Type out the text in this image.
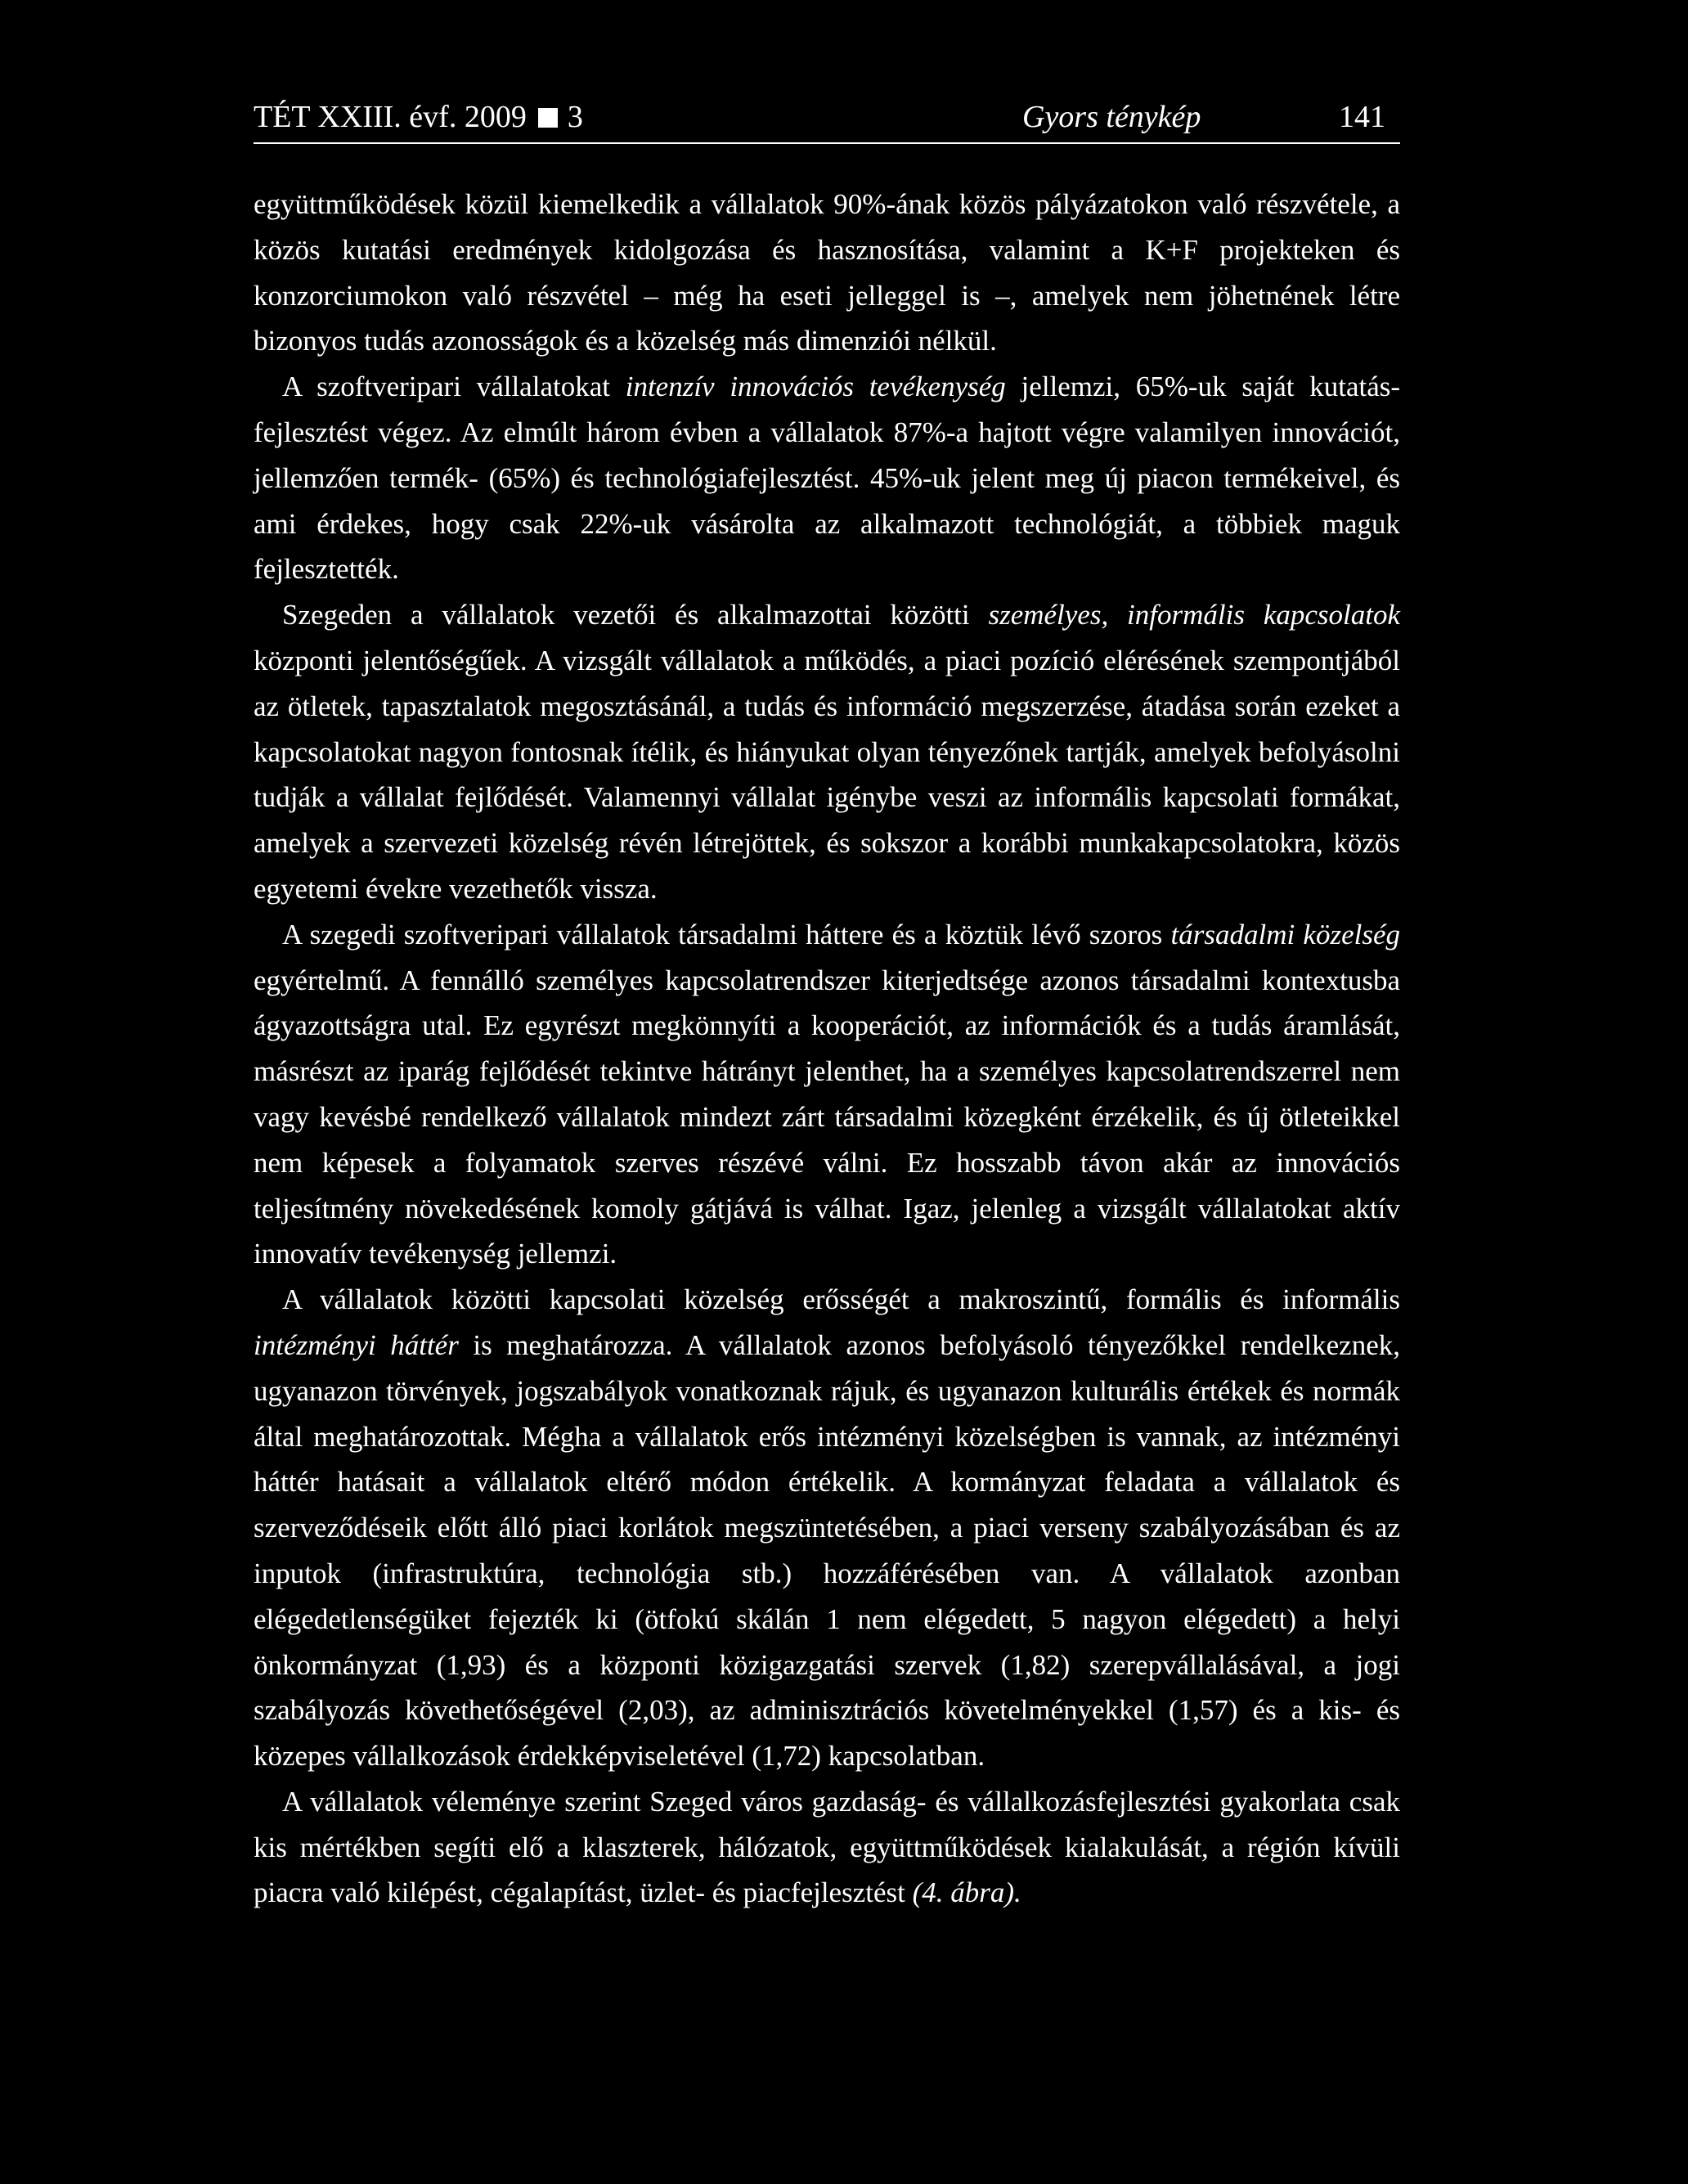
TÉT XXIII. évf. 2009 3	Gyors ténykép	141

együttműködések közül kiemelkedik a vállalatok 90%-ának közös pályázatokon való részvétele, a közös kutatási eredmények kidolgozása és hasznosítása, valamint a K+F projekteken és konzorciumokon való részvétel – még ha eseti jelleggel is –, amelyek nem jöhetnének létre bizonyos tudás azonosságok és a közelség más dimenziói nélkül.

A szoftveripari vállalatokat intenzív innovációs tevékenység jellemzi, 65%-uk saját kutatás-fejlesztést végez. Az elmúlt három évben a vállalatok 87%-a hajtott végre valamilyen innovációt, jellemzően termék- (65%) és technológiafejlesztést. 45%-uk jelent meg új piacon termékeivel, és ami érdekes, hogy csak 22%-uk vásárolta az alkalmazott technológiát, a többiek maguk fejlesztették.

Szegeden a vállalatok vezetői és alkalmazottai közötti személyes, informális kapcsolatok központi jelentőségűek. A vizsgált vállalatok a működés, a piaci pozíció elérésének szempontjából az ötletek, tapasztalatok megosztásánál, a tudás és információ megszerzése, átadása során ezeket a kapcsolatokat nagyon fontosnak ítélik, és hiányukat olyan tényezőnek tartják, amelyek befolyásolni tudják a vállalat fejlődését. Valamennyi vállalat igénybe veszi az informális kapcsolati formákat, amelyek a szervezeti közelség révén létrejöttek, és sokszor a korábbi munkakapcsolatokra, közös egyetemi évekre vezethetők vissza.

A szegedi szoftveripari vállalatok társadalmi háttere és a köztük lévő szoros társadalmi közelség egyértelmű. A fennálló személyes kapcsolatrendszer kiterjedtsége azonos társadalmi kontextusba ágyazottságra utal. Ez egyrészt megkönnyíti a kooperációt, az információk és a tudás áramlását, másrészt az iparág fejlődését tekintve hátrányt jelenthet, ha a személyes kapcsolatrendszerrel nem vagy kevésbé rendelkező vállalatok mindezt zárt társadalmi közegként érzékelik, és új ötleteikkel nem képesek a folyamatok szerves részévé válni. Ez hosszabb távon akár az innovációs teljesítmény növekedésének komoly gátjává is válhat. Igaz, jelenleg a vizsgált vállalatokat aktív innovatív tevékenység jellemzi.

A vállalatok közötti kapcsolati közelség erősségét a makroszintű, formális és informális intézményi háttér is meghatározza. A vállalatok azonos befolyásoló tényezőkkel rendelkeznek, ugyanazon törvények, jogszabályok vonatkoznak rájuk, és ugyanazon kulturális értékek és normák által meghatározottak. Mégha a vállalatok erős intézményi közelségben is vannak, az intézményi háttér hatásait a vállalatok eltérő módon értékelik. A kormányzat feladata a vállalatok és szerveződéseik előtt álló piaci korlátok megszüntetésében, a piaci verseny szabályozásában és az inputok (infrastruktúra, technológia stb.) hozzáférésében van. A vállalatok azonban elégedetlenségüket fejezték ki (ötfokú skálán 1 nem elégedett, 5 nagyon elégedett) a helyi önkormányzat (1,93) és a központi közigazgatási szervek (1,82) szerepvállalásával, a jogi szabályozás követhetőségével (2,03), az adminisztrációs követelményekkel (1,57) és a kis- és közepes vállalkozások érdekképviseletével (1,72) kapcsolatban.

A vállalatok véleménye szerint Szeged város gazdaság- és vállalkozásfejlesztési gyakorlata csak kis mértékben segíti elő a klaszterek, hálózatok, együttműködések kialakulását, a régión kívüli piacra való kilépést, cégalapítást, üzlet- és piacfejlesztést (4. ábra).
